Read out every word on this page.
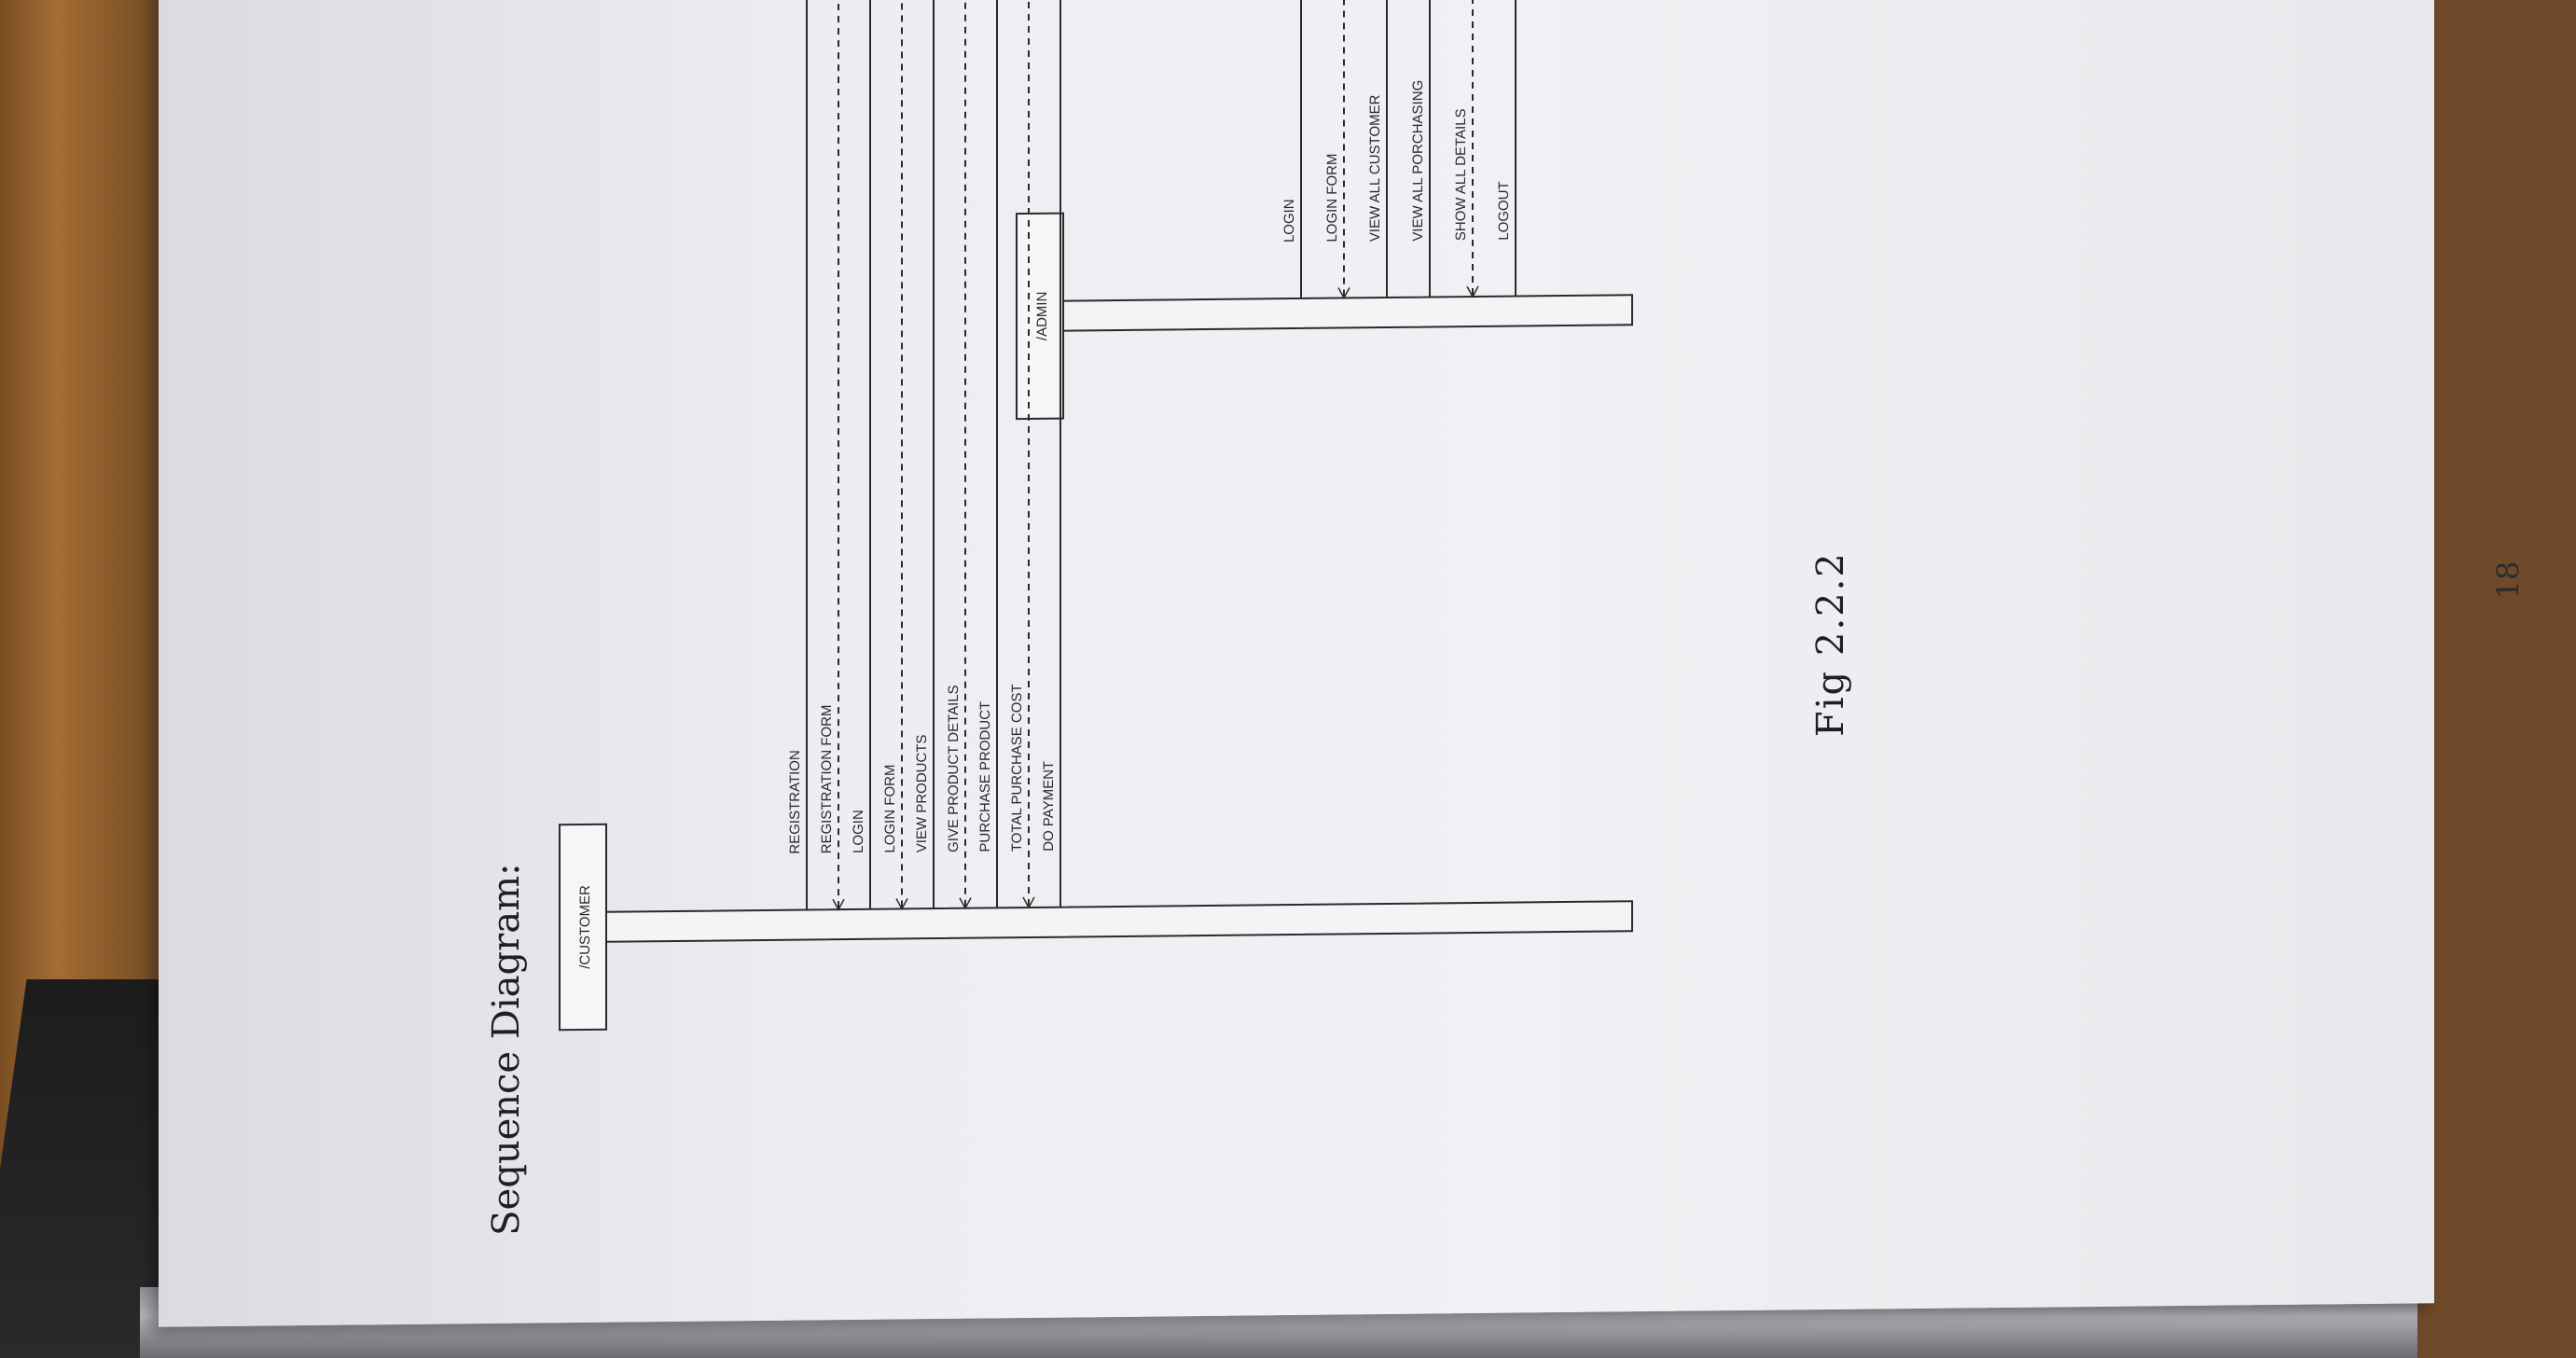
Sequence Diagram:	/CUSTOMER
/ADMIN
REGISTRATION REGISTRATION FORM LOGIN LOGIN FORM VIEW PRODUCTS GIVE PRODUCT DETAILS PURCHASE PRODUCT TOTAL PURCHASE COST DO PAYMENT
LOGIN LOGIN FORM VIEW ALL CUSTOMER VIEW ALL PORCHASING SHOW ALL DETAILS LOGOUT
Fig 2.2.2	18
